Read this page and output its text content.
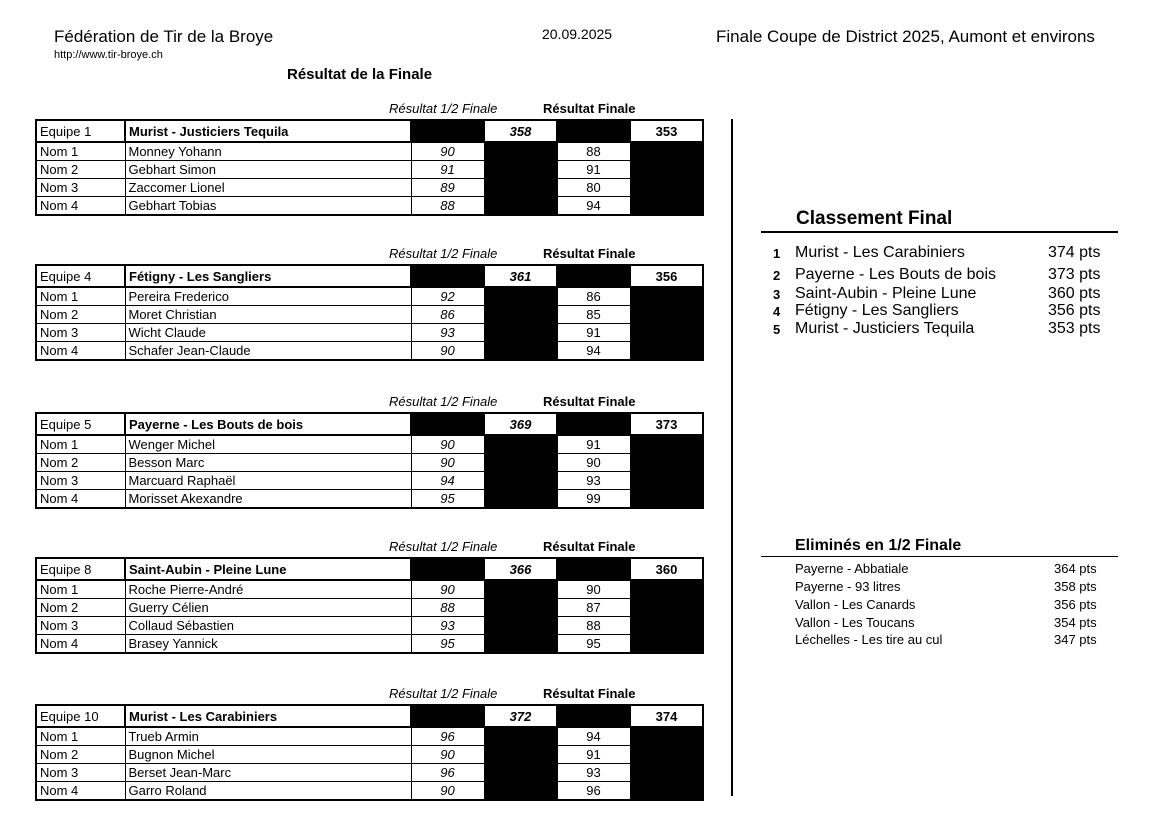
Fédération de Tir de la Broye
http://www.tir-broye.ch
20.09.2025	Finale Coupe de District 2025, Aumont et environs
Résultat de la Finale
Résultat 1/2 Finale	Résultat Finale
Equipe 1	Murist - Justiciers Tequila		358		353
Nom 1	Monney Yohann	90		88	
Nom 2	Gebhart Simon	91		91	
Nom 3	Zaccomer Lionel	89		80	
Nom 4	Gebhart Tobias	88		94	
Résultat 1/2 Finale	Résultat Finale
Equipe 4	Fétigny - Les Sangliers		361		356
Nom 1	Pereira Frederico	92		86	
Nom 2	Moret Christian	86		85	
Nom 3	Wicht Claude	93		91	
Nom 4	Schafer Jean-Claude	90		94	
Résultat 1/2 Finale	Résultat Finale
Equipe 5	Payerne - Les Bouts de bois		369		373
Nom 1	Wenger Michel	90		91	
Nom 2	Besson Marc	90		90	
Nom 3	Marcuard Raphaël	94		93	
Nom 4	Morisset Akexandre	95		99	
Résultat 1/2 Finale	Résultat Finale
Equipe 8	Saint-Aubin - Pleine Lune		366		360
Nom 1	Roche Pierre-André	90		90	
Nom 2	Guerry Célien	88		87	
Nom 3	Collaud Sébastien	93		88	
Nom 4	Brasey Yannick	95		95	
Résultat 1/2 Finale	Résultat Finale
Equipe 10	Murist - Les Carabiniers		372		374
Nom 1	Trueb Armin	96		94	
Nom 2	Bugnon Michel	90		91	
Nom 3	Berset Jean-Marc	96		93	
Nom 4	Garro Roland	90		96	
Classement Final
1 Murist - Les Carabiniers	374 pts
2 Payerne - Les Bouts de bois	373 pts
3 Saint-Aubin - Pleine Lune	360 pts
4 Fétigny - Les Sangliers	356 pts
5 Murist - Justiciers Tequila	353 pts
Eliminés en 1/2 Finale
Payerne - Abbatiale	364 pts
Payerne - 93 litres	358 pts
Vallon - Les Canards	356 pts
Vallon - Les Toucans	354 pts
Léchelles - Les tire au cul	347 pts
